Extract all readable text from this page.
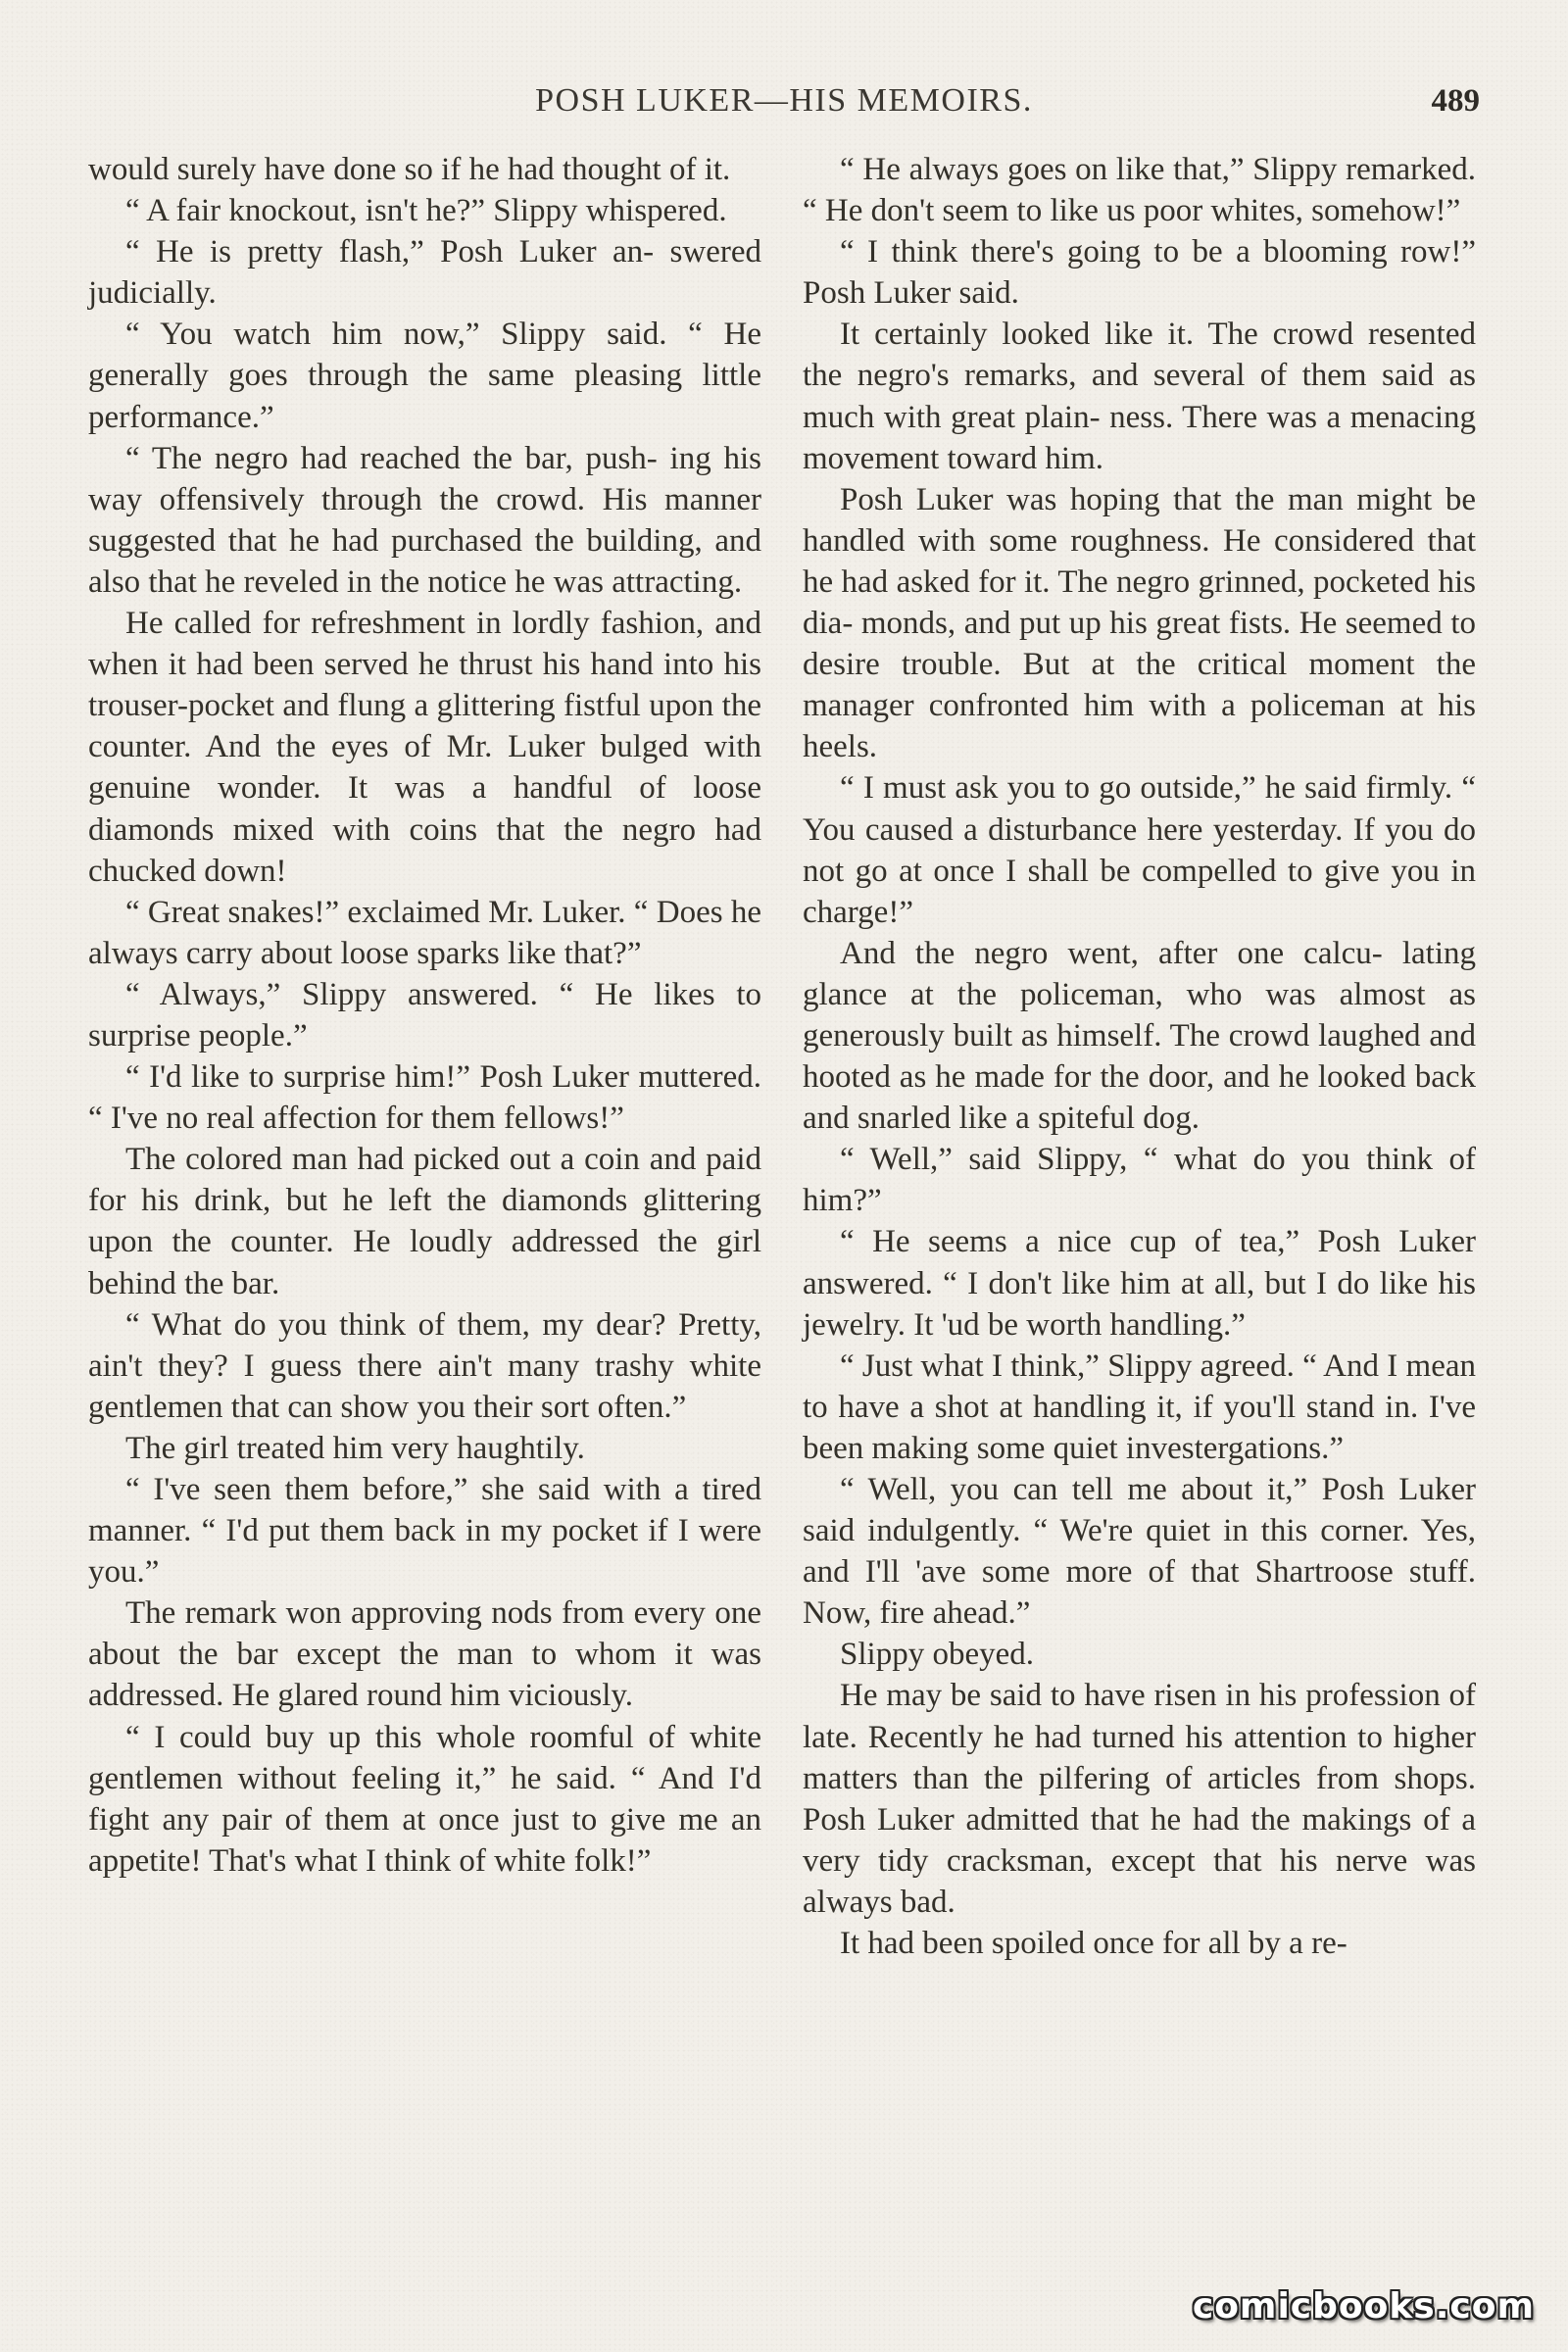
POSH LUKER—HIS MEMOIRS.	489

would surely have done so if he had thought of it.

“ A fair knockout, isn't he?” Slippy whispered.

“ He is pretty flash,” Posh Luker an- swered judicially.

“ You watch him now,” Slippy said. “ He generally goes through the same pleasing little performance.”

“ The negro had reached the bar, push- ing his way offensively through the crowd. His manner suggested that he had purchased the building, and also that he reveled in the notice he was attracting.

He called for refreshment in lordly fashion, and when it had been served he thrust his hand into his trouser-pocket and flung a glittering fistful upon the counter. And the eyes of Mr. Luker bulged with genuine wonder. It was a handful of loose diamonds mixed with coins that the negro had chucked down!

“ Great snakes!” exclaimed Mr. Luker. “ Does he always carry about loose sparks like that?”

“ Always,” Slippy answered. “ He likes to surprise people.”

“ I'd like to surprise him!” Posh Luker muttered. “ I've no real affection for them fellows!”

The colored man had picked out a coin and paid for his drink, but he left the diamonds glittering upon the counter. He loudly addressed the girl behind the bar.

“ What do you think of them, my dear? Pretty, ain't they? I guess there ain't many trashy white gentlemen that can show you their sort often.”

The girl treated him very haughtily.

“ I've seen them before,” she said with a tired manner. “ I'd put them back in my pocket if I were you.”

The remark won approving nods from every one about the bar except the man to whom it was addressed. He glared round him viciously.

“ I could buy up this whole roomful of white gentlemen without feeling it,” he said. “ And I'd fight any pair of them at once just to give me an appetite! That's what I think of white folk!”

“ He always goes on like that,” Slippy remarked. “ He don't seem to like us poor whites, somehow!”

“ I think there's going to be a blooming row!” Posh Luker said.

It certainly looked like it. The crowd resented the negro's remarks, and several of them said as much with great plain- ness. There was a menacing movement toward him.

Posh Luker was hoping that the man might be handled with some roughness. He considered that he had asked for it. The negro grinned, pocketed his dia- monds, and put up his great fists. He seemed to desire trouble. But at the critical moment the manager confronted him with a policeman at his heels.

“ I must ask you to go outside,” he said firmly. “ You caused a disturbance here yesterday. If you do not go at once I shall be compelled to give you in charge!”

And the negro went, after one calcu- lating glance at the policeman, who was almost as generously built as himself. The crowd laughed and hooted as he made for the door, and he looked back and snarled like a spiteful dog.

“ Well,” said Slippy, “ what do you think of him?”

“ He seems a nice cup of tea,” Posh Luker answered. “ I don't like him at all, but I do like his jewelry. It 'ud be worth handling.”

“ Just what I think,” Slippy agreed. “ And I mean to have a shot at handling it, if you'll stand in. I've been making some quiet investergations.”

“ Well, you can tell me about it,” Posh Luker said indulgently. “ We're quiet in this corner. Yes, and I'll 'ave some more of that Shartroose stuff. Now, fire ahead.”

Slippy obeyed.

He may be said to have risen in his profession of late. Recently he had turned his attention to higher matters than the pilfering of articles from shops. Posh Luker admitted that he had the makings of a very tidy cracksman, except that his nerve was always bad.

It had been spoiled once for all by a re-

comicbooks.com
